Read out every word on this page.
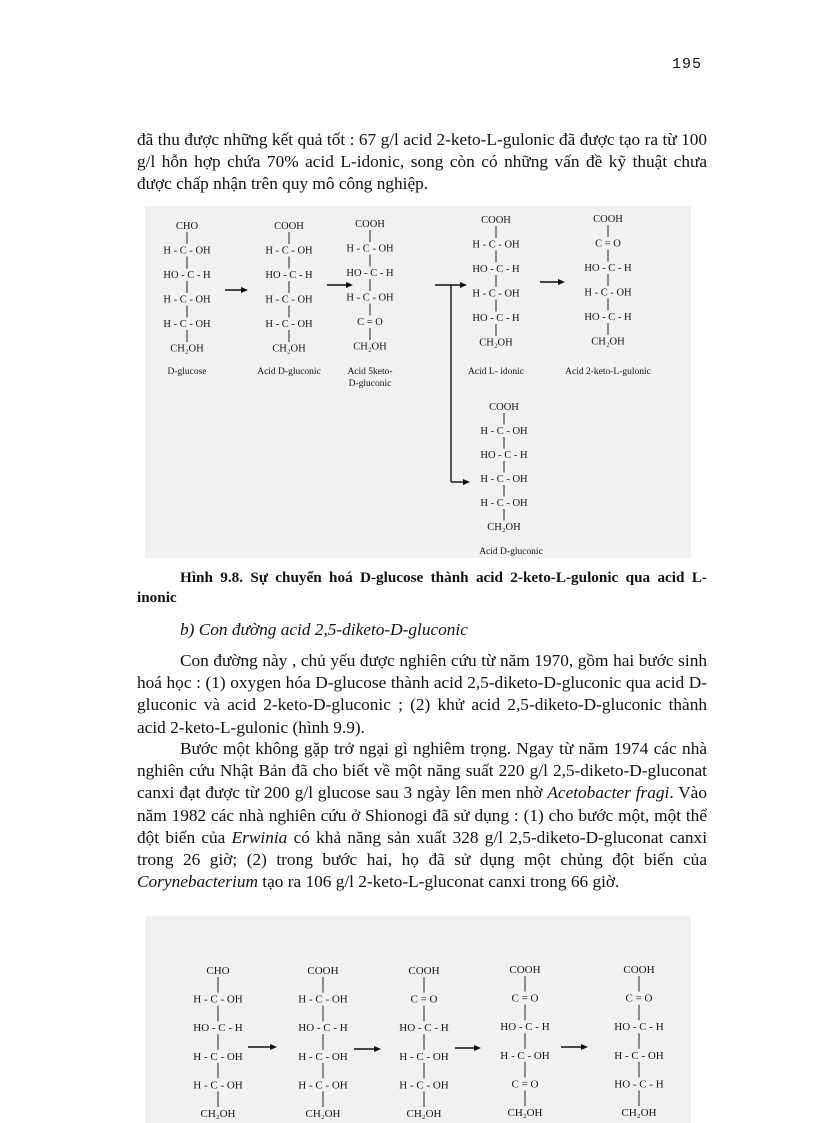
195
đã thu được những kết quả tốt : 67 g/l acid 2-keto-L-gulonic đã được tạo ra từ 100 g/l hỗn hợp chứa 70% acid L-idonic, song còn có những vấn đề kỹ thuật chưa được chấp nhận trên quy mô công nghiệp.
CHO
H - C - OH
HO - C - H
H - C - OH
H - C - OH
CH₂OH
D-glucose
COOH
H - C - OH
HO - C - H
H - C - OH
H - C - OH
CH₂OH
Acid D-gluconic
COOH
H - C - OH
HO - C - H
H - C - OH
C = O
CH₂OH
Acid 5keto-
D-gluconic
COOH
H - C - OH
HO - C - H
H - C - OH
HO - C - H
CH₂OH
Acid L- idonic
COOH
C = O
HO - C - H
H - C - OH
HO - C - H
CH₂OH
Acid 2-keto-L-gulonic
COOH
H - C - OH
HO - C - H
H - C - OH
H - C - OH
CH₂OH
Acid D-gluconic
Hình 9.8. Sự chuyển hoá D-glucose thành acid 2-keto-L-gulonic qua acid L-inonic
b) Con đường acid 2,5-diketo-D-gluconic
Con đường này , chủ yếu được nghiên cứu từ năm 1970, gồm hai bước sinh hoá học : (1) oxygen hóa D-glucose thành acid 2,5-diketo-D-gluconic qua acid D-gluconic và acid 2-keto-D-gluconic ; (2) khử acid 2,5-diketo-D-gluconic thành acid 2-keto-L-gulonic (hình 9.9).
Bước một không gặp trở ngại gì nghiêm trọng. Ngay từ năm 1974 các nhà nghiên cứu Nhật Bản đã cho biết về một năng suất 220 g/l 2,5-diketo-D-gluconat canxi đạt được từ 200 g/l glucose sau 3 ngày lên men nhờ Acetobacter fragi. Vào năm 1982 các nhà nghiên cứu ở Shionogi đã sử dụng : (1) cho bước một, một thể đột biến của Erwinia có khả năng sản xuất 328 g/l 2,5-diketo-D-gluconat canxi trong 26 giờ; (2) trong bước hai, họ đã sử dụng một chủng đột biến của Corynebacterium tạo ra 106 g/l 2-keto-L-gluconat canxi trong 66 giờ.
CHO
H - C - OH
HO - C - H
H - C - OH
H - C - OH
CH₂OH
COOH
H - C - OH
HO - C - H
H - C - OH
H - C - OH
CH₂OH
COOH
C = O
HO - C - H
H - C - OH
H - C - OH
CH₂OH
COOH
C = O
HO - C - H
H - C - OH
C = O
CH₂OH
COOH
C = O
HO - C - H
H - C - OH
HO - C - H
CH₂OH
